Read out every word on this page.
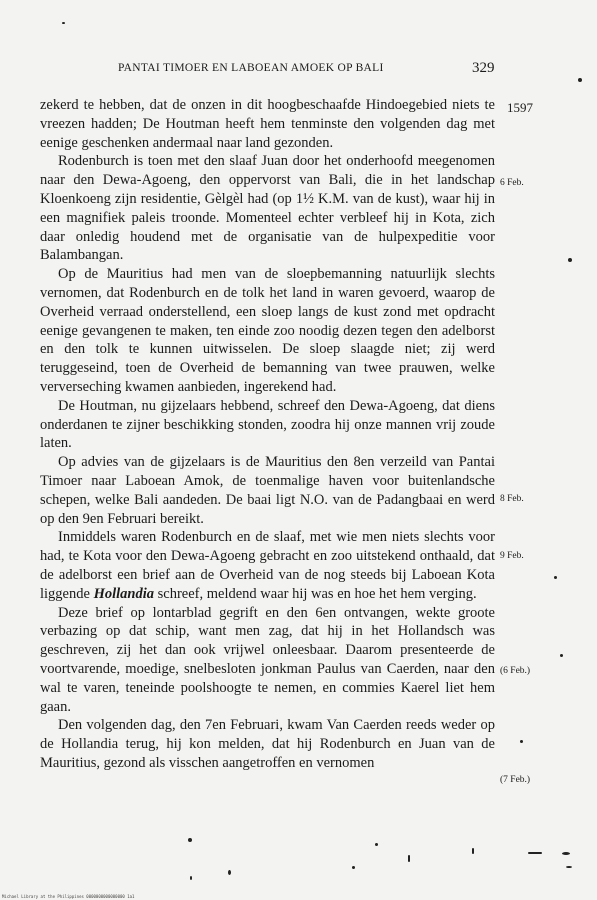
PANTAI TIMOER EN LABOEAN AMOEK OP BALI	329
1597
6 Feb.
8 Feb.
9 Feb.
(6 Feb.)
(7 Feb.)

zekerd te hebben, dat de onzen in dit hoogbeschaafde Hindoegebied niets te vreezen hadden; De Houtman heeft hem tenminste den volgenden dag met eenige geschenken andermaal naar land gezonden.

Rodenburch is toen met den slaaf Juan door het onderhoofd meegenomen naar den Dewa-Agoeng, den oppervorst van Bali, die in het landschap Kloenkoeng zijn residentie, Gèlgèl had (op 1½ K.M. van de kust), waar hij in een magnifiek paleis troonde. Momenteel echter verbleef hij in Kota, zich daar onledig houdend met de organisatie van de hulpexpeditie voor Balambangan.

Op de Mauritius had men van de sloepbemanning natuurlijk slechts vernomen, dat Rodenburch en de tolk het land in waren gevoerd, waarop de Overheid verraad onderstellend, een sloep langs de kust zond met opdracht eenige gevangenen te maken, ten einde zoo noodig dezen tegen den adelborst en den tolk te kunnen uitwisselen. De sloep slaagde niet; zij werd teruggeseind, toen de Overheid de bemanning van twee prauwen, welke ververseching kwamen aanbieden, ingerekend had.

De Houtman, nu gijzelaars hebbend, schreef den Dewa-Agoeng, dat diens onderdanen te zijner beschikking stonden, zoodra hij onze mannen vrij zoude laten.

Op advies van de gijzelaars is de Mauritius den 8en verzeild van Pantai Timoer naar Laboean Amok, de toenmalige haven voor buitenlandsche schepen, welke Bali aandeden. De baai ligt N.O. van de Padangbaai en werd op den 9en Februari bereikt.

Inmiddels waren Rodenburch en de slaaf, met wie men niets slechts voor had, te Kota voor den Dewa-Agoeng gebracht en zoo uitstekend onthaald, dat de adelborst een brief aan de Overheid van de nog steeds bij Laboean Kota liggende Hollandia schreef, meldend waar hij was en hoe het hem verging.

Deze brief op lontarblad gegrift en den 6en ontvangen, wekte groote verbazing op dat schip, want men zag, dat hij in het Hollandsch was geschreven, zij het dan ook vrijwel onleesbaar. Daarom presenteerde de voortvarende, moedige, snelbesloten jonkman Paulus van Caerden, naar den wal te varen, teneinde poolshoogte te nemen, en commies Kaerel liet hem gaan.

Den volgenden dag, den 7en Februari, kwam Van Caerden reeds weder op de Hollandia terug, hij kon melden, dat hij Rodenburch en Juan van de Mauritius, gezond als visschen aangetroffen en vernomen

Michael Library at the Philippines 0000000000000000 1a1
